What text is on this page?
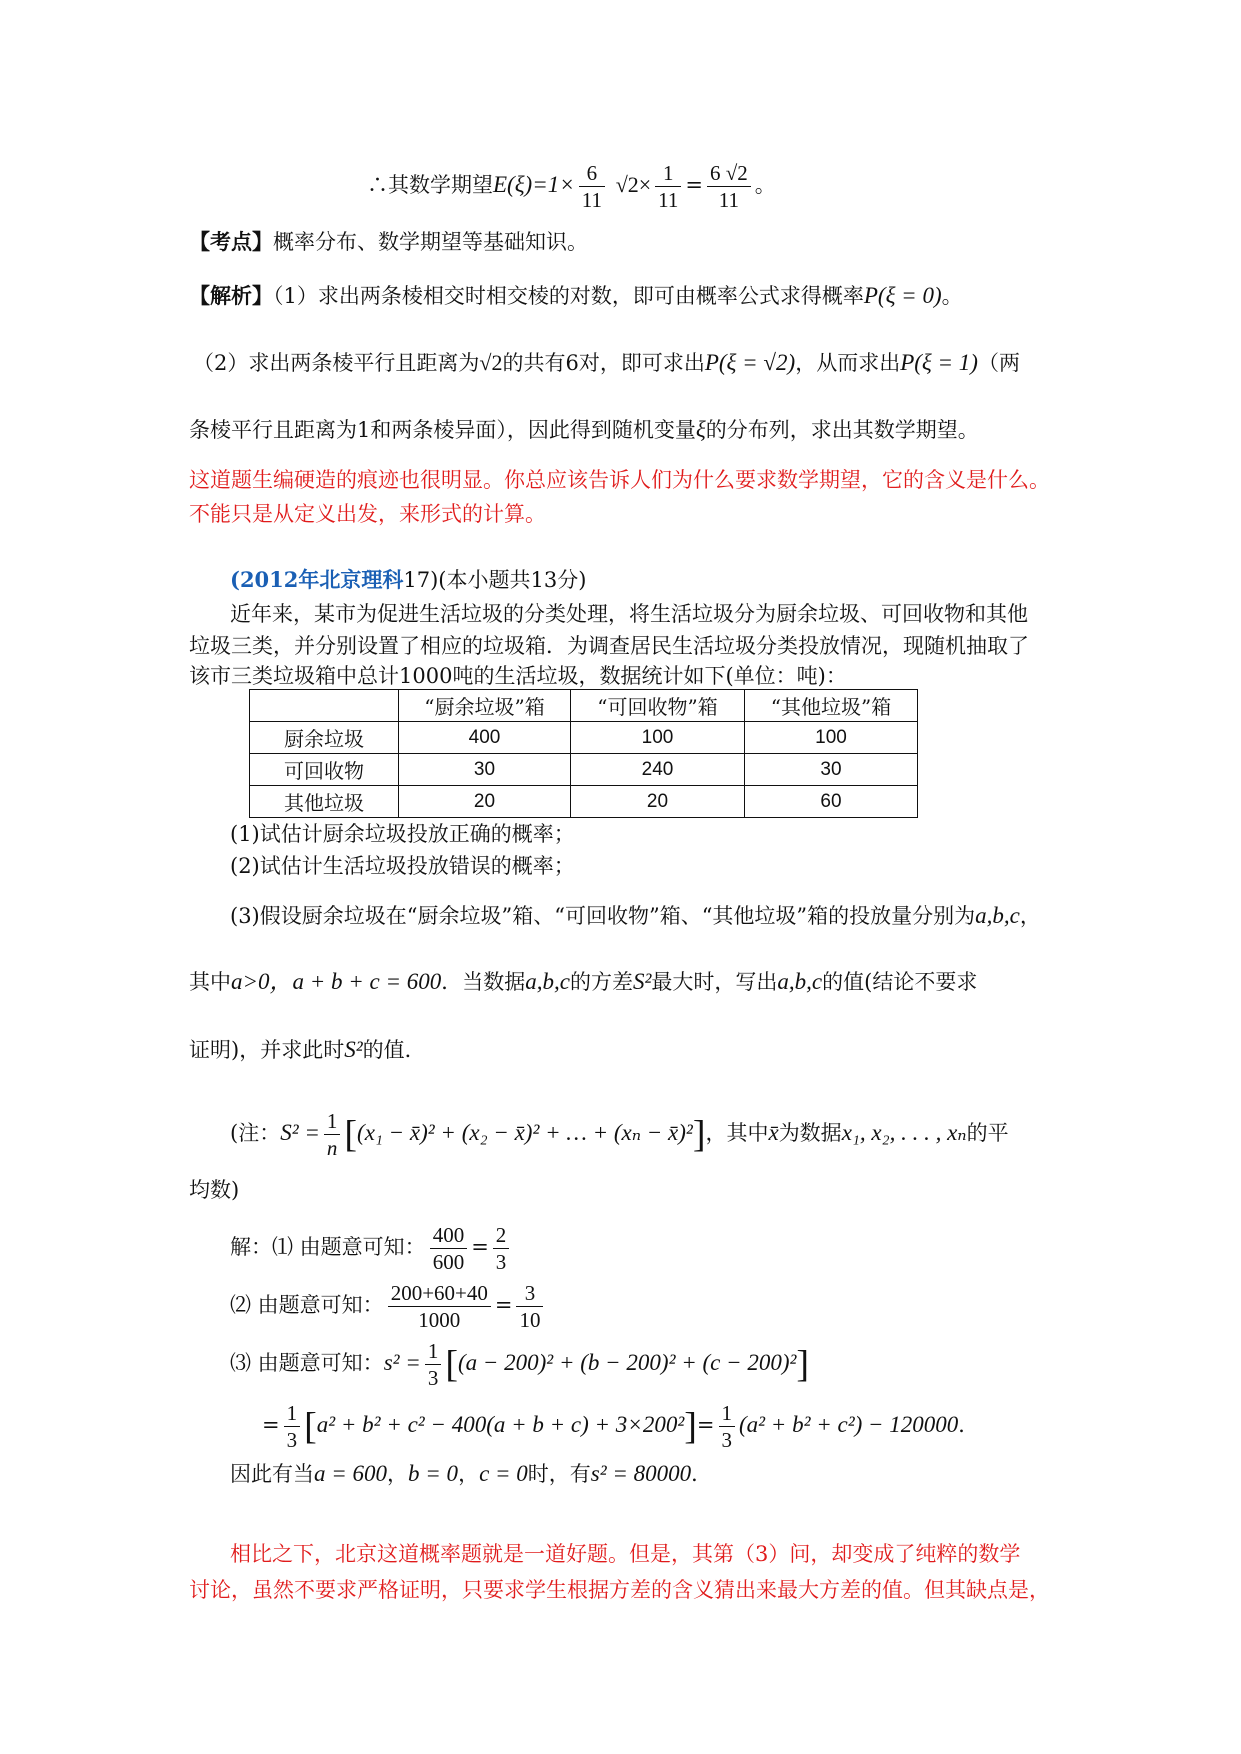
∴其数学期望$E(\xi)=1\times \frac{6}{11} √2\times \frac{1}{11} = \frac{6 √2}{11}$ 。
【考点】概率分布、数学期望等基础知识。
【解析】（1）求出两条棱相交时相交棱的对数，即可由概率公式求得概率P(ξ = 0)。
（2）求出两条棱平行且距离为√2的共有6对，即可求出P(ξ = √2)，从而求出P(ξ = 1)（两
条棱平行且距离为1和两条棱异面），因此得到随机变量ξ的分布列，求出其数学期望。
这道题生编硬造的痕迹也很明显。你总应该告诉人们为什么要求数学期望，它的含义是什么。
不能只是从定义出发，来形式的计算。
(2012年北京理科17)(本小题共13分)
近年来，某市为促进生活垃圾的分类处理，将生活垃圾分为厨余垃圾、可回收物和其他
垃圾三类，并分别设置了相应的垃圾箱．为调查居民生活垃圾分类投放情况，现随机抽取了
该市三类垃圾箱中总计1000吨的生活垃圾，数据统计如下(单位：吨)：
	“厨余垃圾”箱	“可回收物”箱	“其他垃圾”箱
厨余垃圾	400	100	100
可回收物	30	240	30
其他垃圾	20	20	60
(1)试估计厨余垃圾投放正确的概率；
(2)试估计生活垃圾投放错误的概率；
(3)假设厨余垃圾在“厨余垃圾”箱、“可回收物”箱、“其他垃圾”箱的投放量分别为a,b,c，
其中a>0，a + b + c = 600．当数据a,b,c的方差S²最大时，写出a,b,c的值(结论不要求
证明)，并求此时S²的值．
(注：$S^2 = \frac{1}{n} [(x_1$ − x̄)² + (x₂ − x̄)² + … + (xₙ − x̄)²]，其中x̄为数据x₁, x₂, . . . , xₙ的平
均数)
解：⑴ 由题意可知： $\frac{400}{600} = \frac{2}{3}$
⑵ 由题意可知： $\frac{200+60+40}{1000} = \frac{3}{10}$
⑶ 由题意可知：$s^2 = \frac{1}{3} [(a - 200)^2 + (b - 200)^2 + (c - 200)^2]$
= $\frac{1}{3} [a^2 + b^2 + c^2 - 400(a + b + c) + 3\times 200^2]= \frac{1}{3} (a^2 + b^2 + c^2) - 120000$．
因此有当a = 600，b = 0，c = 0时，有s² = 80000．
相比之下，北京这道概率题就是一道好题。但是，其第（3）问，却变成了纯粹的数学
讨论，虽然不要求严格证明，只要求学生根据方差的含义猜出来最大方差的值。但其缺点是，
